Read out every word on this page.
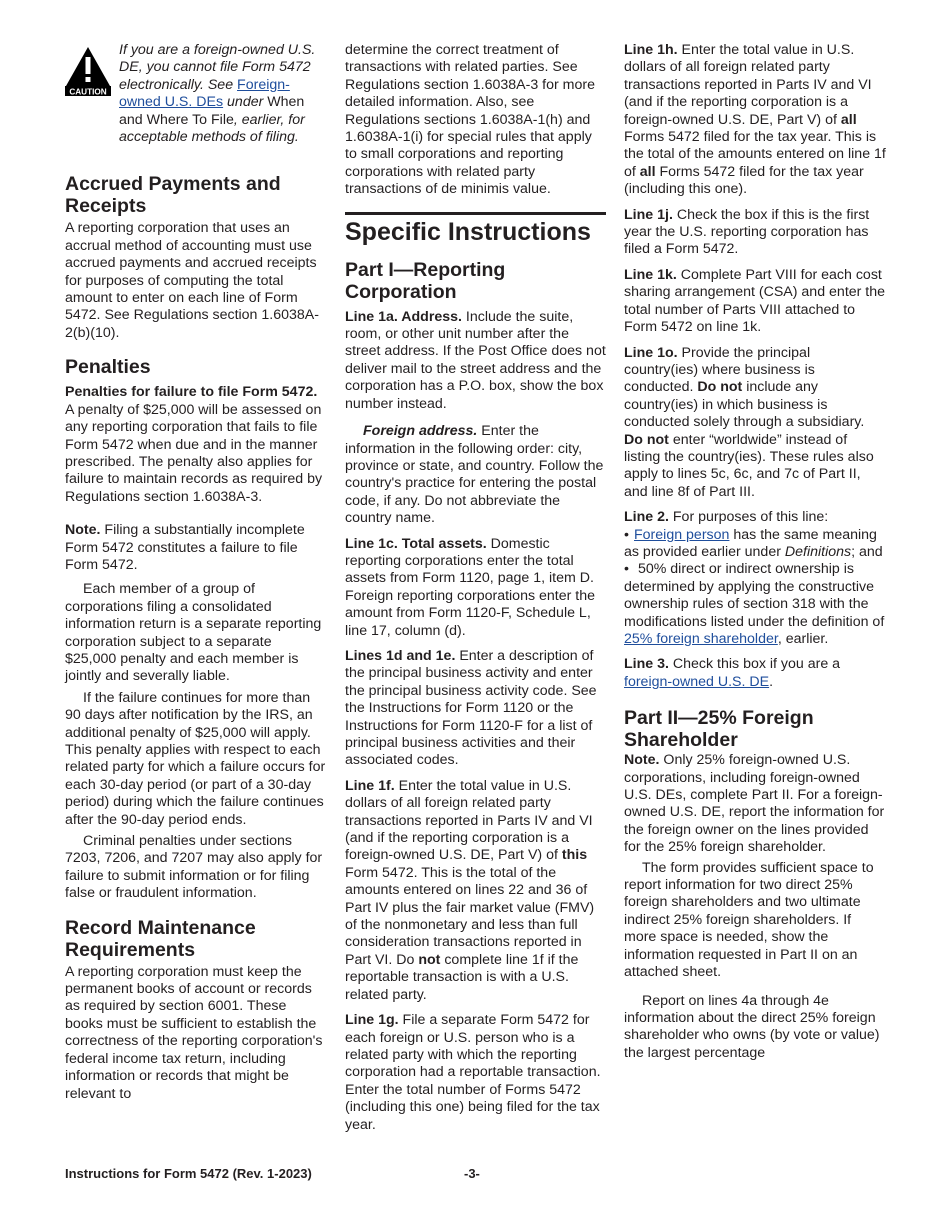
CAUTION
If you are a foreign-owned U.S. DE, you cannot file Form 5472 electronically. See Foreign-owned U.S. DEs under When and Where To File, earlier, for acceptable methods of filing.
Accrued Payments and Receipts

A reporting corporation that uses an accrual method of accounting must use accrued payments and accrued receipts for purposes of computing the total amount to enter on each line of Form 5472. See Regulations section 1.6038A-2(b)(10).

Penalties

Penalties for failure to file Form 5472. A penalty of $25,000 will be assessed on any reporting corporation that fails to file Form 5472 when due and in the manner prescribed. The penalty also applies for failure to maintain records as required by Regulations section 1.6038A-3.

Note. Filing a substantially incomplete Form 5472 constitutes a failure to file Form 5472.

Each member of a group of corporations filing a consolidated information return is a separate reporting corporation subject to a separate $25,000 penalty and each member is jointly and severally liable.

If the failure continues for more than 90 days after notification by the IRS, an additional penalty of $25,000 will apply. This penalty applies with respect to each related party for which a failure occurs for each 30-day period (or part of a 30-day period) during which the failure continues after the 90-day period ends.

Criminal penalties under sections 7203, 7206, and 7207 may also apply for failure to submit information or for filing false or fraudulent information.

Record Maintenance Requirements

A reporting corporation must keep the permanent books of account or records as required by section 6001. These books must be sufficient to establish the correctness of the reporting corporation's federal income tax return, including information or records that might be relevant to

determine the correct treatment of transactions with related parties. See Regulations section 1.6038A-3 for more detailed information. Also, see Regulations sections 1.6038A-1(h) and 1.6038A-1(i) for special rules that apply to small corporations and reporting corporations with related party transactions of de minimis value.

Specific Instructions
Part I—Reporting Corporation

Line 1a. Address. Include the suite, room, or other unit number after the street address. If the Post Office does not deliver mail to the street address and the corporation has a P.O. box, show the box number instead.

Foreign address. Enter the information in the following order: city, province or state, and country. Follow the country's practice for entering the postal code, if any. Do not abbreviate the country name.

Line 1c. Total assets. Domestic reporting corporations enter the total assets from Form 1120, page 1, item D. Foreign reporting corporations enter the amount from Form 1120-F, Schedule L, line 17, column (d).

Lines 1d and 1e. Enter a description of the principal business activity and enter the principal business activity code. See the Instructions for Form 1120 or the Instructions for Form 1120-F for a list of principal business activities and their associated codes.

Line 1f. Enter the total value in U.S. dollars of all foreign related party transactions reported in Parts IV and VI (and if the reporting corporation is a foreign-owned U.S. DE, Part V) of this Form 5472. This is the total of the amounts entered on lines 22 and 36 of Part IV plus the fair market value (FMV) of the nonmonetary and less than full consideration transactions reported in Part VI. Do not complete line 1f if the reportable transaction is with a U.S. related party.

Line 1g. File a separate Form 5472 for each foreign or U.S. person who is a related party with which the reporting corporation had a reportable transaction. Enter the total number of Forms 5472 (including this one) being filed for the tax year.

Line 1h. Enter the total value in U.S. dollars of all foreign related party transactions reported in Parts IV and VI (and if the reporting corporation is a foreign-owned U.S. DE, Part V) of all Forms 5472 filed for the tax year. This is the total of the amounts entered on line 1f of all Forms 5472 filed for the tax year (including this one).

Line 1j. Check the box if this is the first year the U.S. reporting corporation has filed a Form 5472.

Line 1k. Complete Part VIII for each cost sharing arrangement (CSA) and enter the total number of Parts VIII attached to Form 5472 on line 1k.

Line 1o. Provide the principal country(ies) where business is conducted. Do not include any country(ies) in which business is conducted solely through a subsidiary. Do not enter “worldwide” instead of listing the country(ies). These rules also apply to lines 5c, 6c, and 7c of Part II, and line 8f of Part III.

Line 2. For purposes of this line:

• Foreign person has the same meaning as provided earlier under Definitions; and

• 50% direct or indirect ownership is determined by applying the constructive ownership rules of section 318 with the modifications listed under the definition of 25% foreign shareholder, earlier.

Line 3. Check this box if you are a foreign-owned U.S. DE.

Part II—25% Foreign Shareholder

Note. Only 25% foreign-owned U.S. corporations, including foreign-owned U.S. DEs, complete Part II. For a foreign-owned U.S. DE, report the information for the foreign owner on the lines provided for the 25% foreign shareholder.

The form provides sufficient space to report information for two direct 25% foreign shareholders and two ultimate indirect 25% foreign shareholders. If more space is needed, show the information requested in Part II on an attached sheet.

Report on lines 4a through 4e information about the direct 25% foreign shareholder who owns (by vote or value) the largest percentage

Instructions for Form 5472 (Rev. 1-2023)	-3-
